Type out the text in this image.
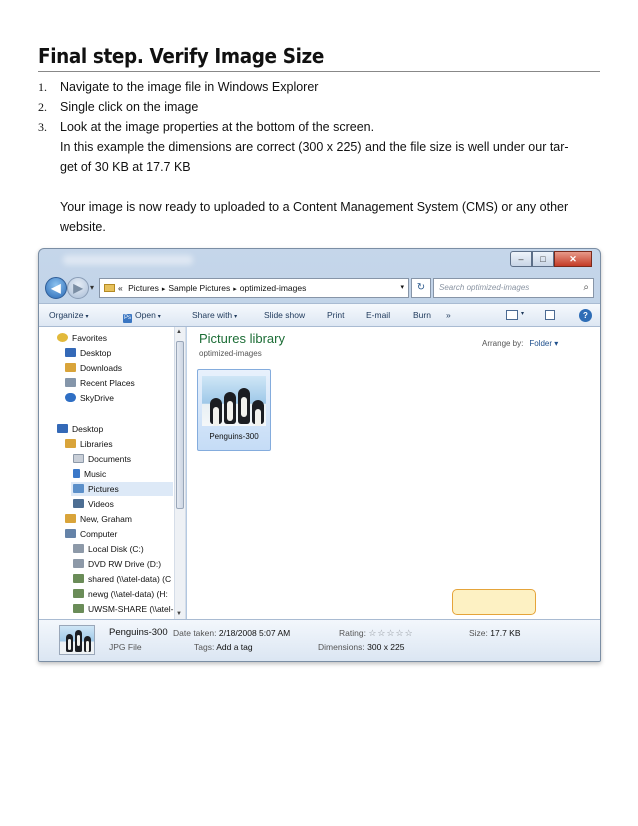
Final step. Verify Image Size
1. Navigate to the image file in Windows Explorer
2. Single click on the image
3. Look at the image properties at the bottom of the screen.
In this example the dimensions are correct (300 x 225) and the file size is well under our tar-
get of 30 KB at 17.7 KB
Your image is now ready to uploaded to a Content Management System (CMS) or any other
website.
–	□	✕
◀	▶ ▾	« Pictures ▸ Sample Pictures ▸ optimized-images	▾	↻	Search optimized-images	⌕
Organize ▾	Ps Open ▾	Share with ▾	Slide show	Print	E-mail	Burn »	▾	?
Favorites
Desktop
Downloads
Recent Places
SkyDrive
Desktop
Libraries
Documents
Music
Pictures
Videos
New, Graham
Computer
Local Disk (C:)
DVD RW Drive (D:)
shared (\\atel-data) (C
newg (\\atel-data) (H:
UWSM-SHARE (\\atel-
▲
▼
Pictures library
optimized-images
Arrange by: Folder ▾
Penguins-300
Penguins-300
JPG File
Date taken: 2/18/2008 5:07 AM
Tags: Add a tag
Rating: ☆☆☆☆☆
Dimensions: 300 x 225
Size: 17.7 KB
